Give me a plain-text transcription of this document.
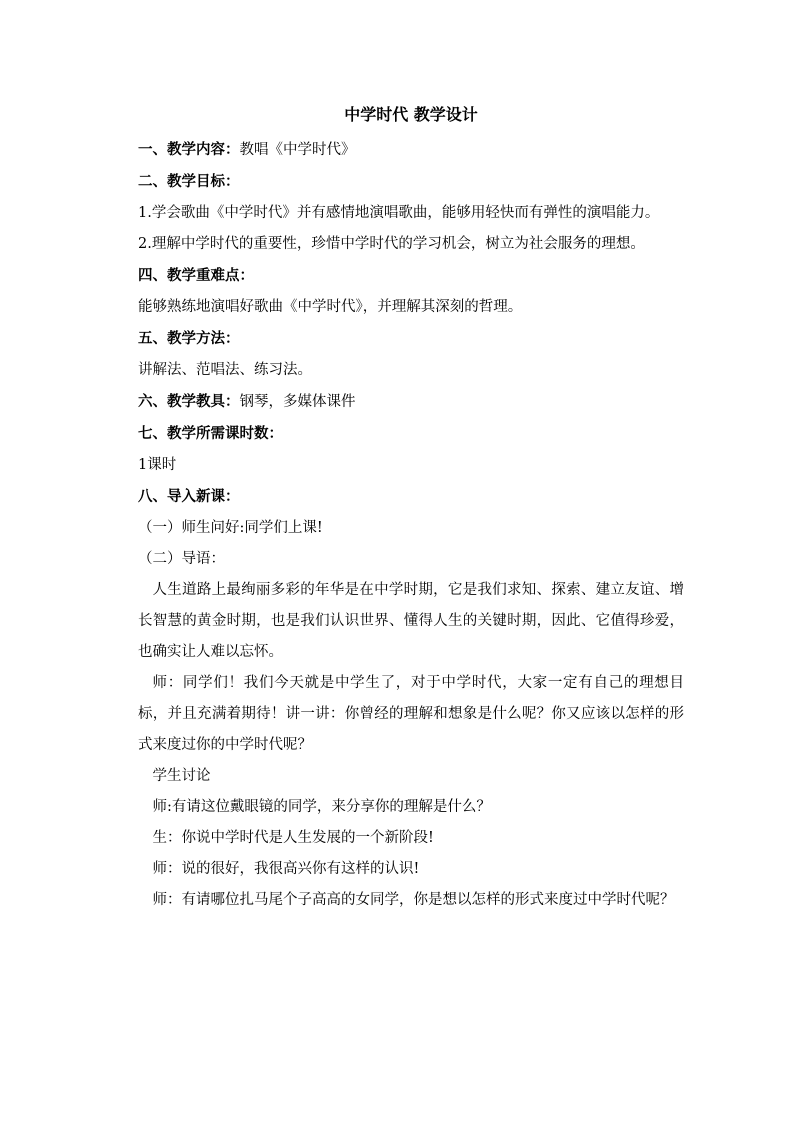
中学时代 教学设计

一、教学内容：教唱《中学时代》

二、教学目标：

1.学会歌曲《中学时代》并有感情地演唱歌曲，能够用轻快而有弹性的演唱能力。

2.理解中学时代的重要性，珍惜中学时代的学习机会，树立为社会服务的理想。

四、教学重难点：

能够熟练地演唱好歌曲《中学时代》，并理解其深刻的哲理。

五、教学方法：

讲解法、范唱法、练习法。

六、教学教具：钢琴，多媒体课件

七、教学所需课时数：

1课时

八、导入新课：

（一）师生问好:同学们上课!

（二）导语：

人生道路上最绚丽多彩的年华是在中学时期，它是我们求知、探索、建立友谊、增长智慧的黄金时期，也是我们认识世界、懂得人生的关键时期，因此、它值得珍爱，也确实让人难以忘怀。

师：同学们！我们今天就是中学生了，对于中学时代，大家一定有自己的理想目标，并且充满着期待！讲一讲：你曾经的理解和想象是什么呢？你又应该以怎样的形式来度过你的中学时代呢？

学生讨论

师:有请这位戴眼镜的同学，来分享你的理解是什么？

生：你说中学时代是人生发展的一个新阶段!

师：说的很好，我很高兴你有这样的认识!

师：有请哪位扎马尾个子高高的女同学，你是想以怎样的形式来度过中学时代呢？
